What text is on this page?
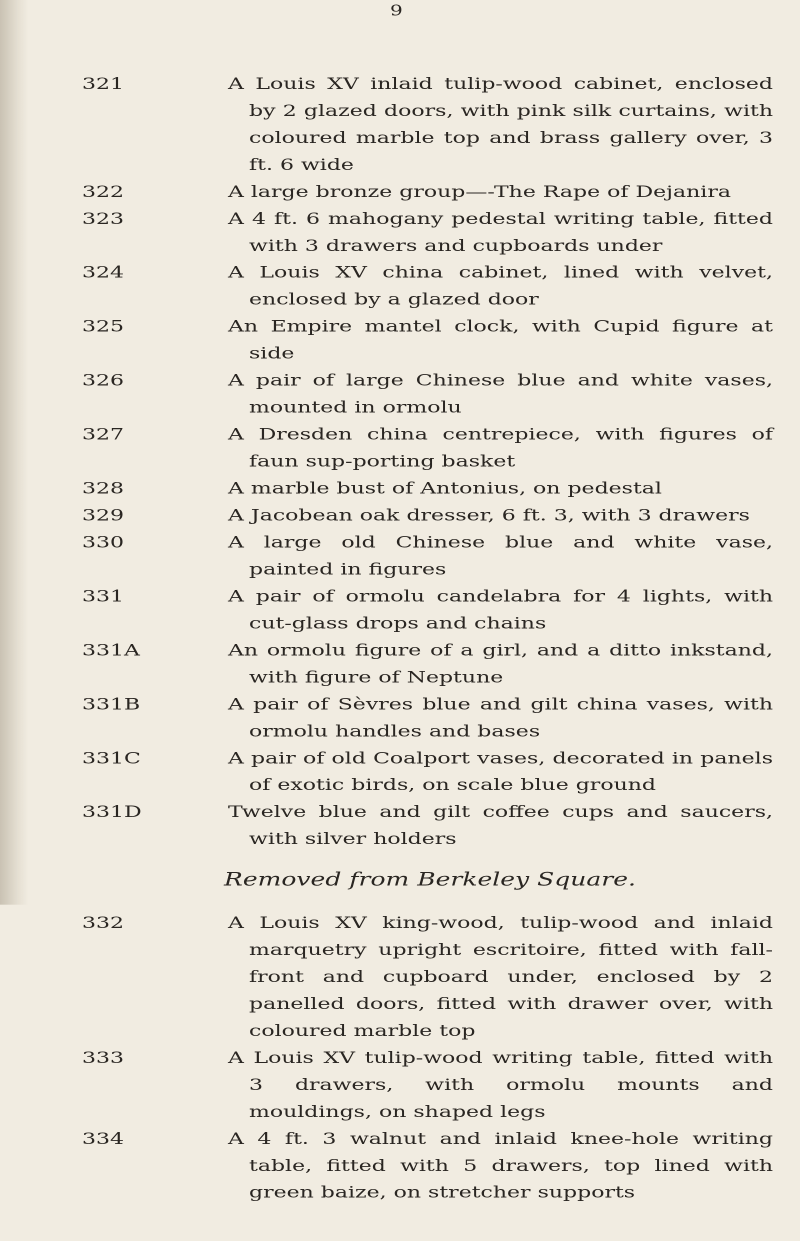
9
321	A Louis XV inlaid tulip-wood cabinet, enclosed by 2 glazed doors, with pink silk curtains, with coloured marble top and brass gallery over, 3 ft. 6 wide
322	A large bronze group—-The Rape of Dejanira
323	A 4 ft. 6 mahogany pedestal writing table, fitted with 3 drawers and cupboards under
324	A Louis XV china cabinet, lined with velvet, enclosed by a glazed door
325	An Empire mantel clock, with Cupid figure at side
326	A pair of large Chinese blue and white vases, mounted in ormolu
327	A Dresden china centrepiece, with figures of faun sup-porting basket
328	A marble bust of Antonius, on pedestal
329	A Jacobean oak dresser, 6 ft. 3, with 3 drawers
330	A large old Chinese blue and white vase, painted in figures
331	A pair of ormolu candelabra for 4 lights, with cut-glass drops and chains
331A	An ormolu figure of a girl, and a ditto inkstand, with figure of Neptune
331B	A pair of Sèvres blue and gilt china vases, with ormolu handles and bases
331C	A pair of old Coalport vases, decorated in panels of exotic birds, on scale blue ground
331D	Twelve blue and gilt coffee cups and saucers, with silver holders
Removed from Berkeley Square.
332	A Louis XV king-wood, tulip-wood and inlaid marquetry upright escritoire, fitted with fall-front and cupboard under, enclosed by 2 panelled doors, fitted with drawer over, with coloured marble top
333	A Louis XV tulip-wood writing table, fitted with 3 drawers, with ormolu mounts and mouldings, on shaped legs
334	A 4 ft. 3 walnut and inlaid knee-hole writing table, fitted with 5 drawers, top lined with green baize, on stretcher supports
